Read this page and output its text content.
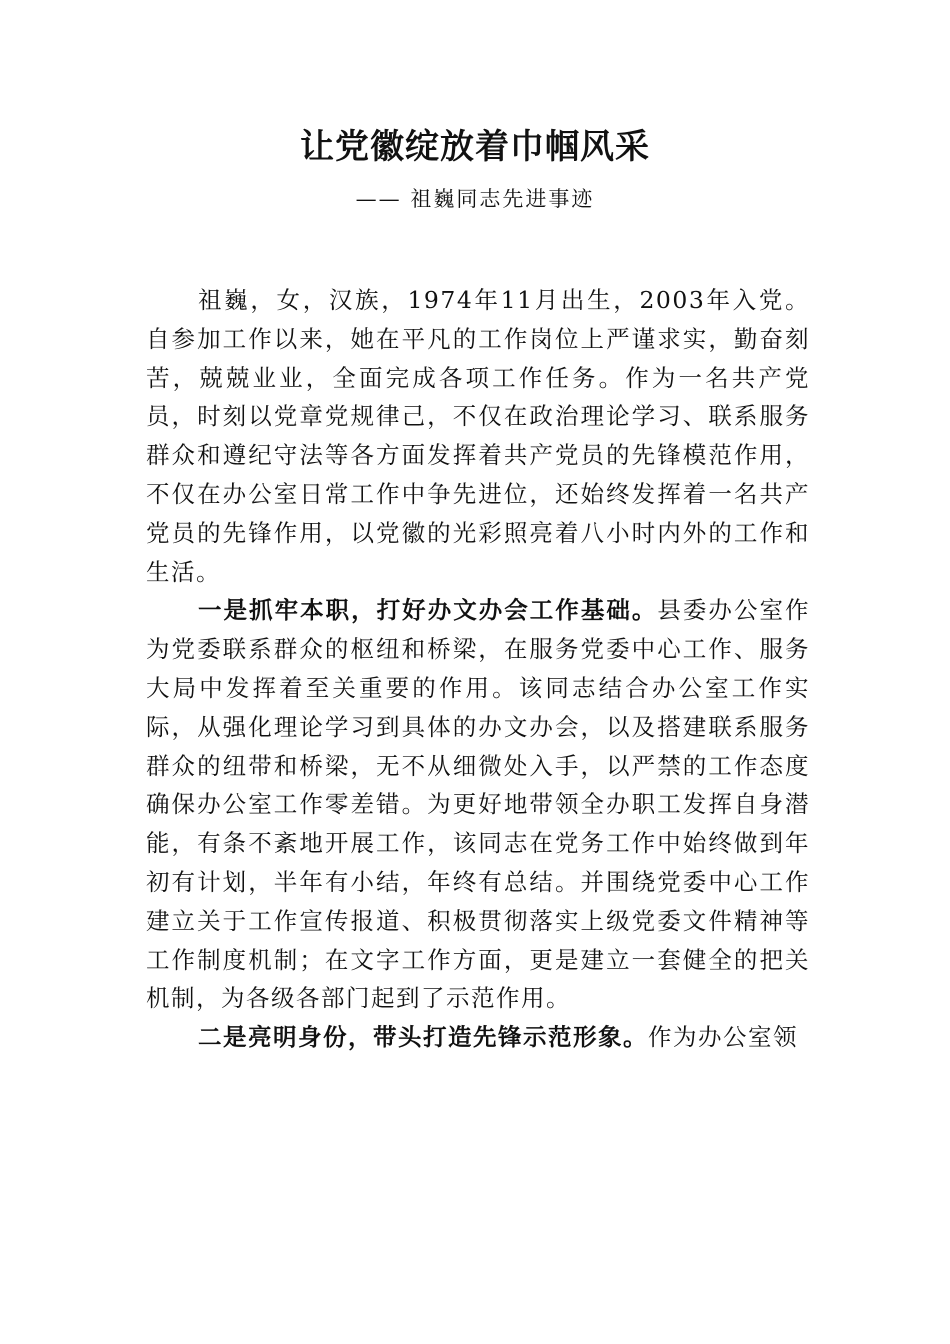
让党徽绽放着巾帼风采
—— 祖巍同志先进事迹

祖巍，女，汉族，1974年11月出生，2003年入党。自参加工作以来，她在平凡的工作岗位上严谨求实，勤奋刻苦，兢兢业业，全面完成各项工作任务。作为一名共产党员，时刻以党章党规律己，不仅在政治理论学习、联系服务群众和遵纪守法等各方面发挥着共产党员的先锋模范作用，不仅在办公室日常工作中争先进位，还始终发挥着一名共产党员的先锋作用，以党徽的光彩照亮着八小时内外的工作和生活。

一是抓牢本职，打好办文办会工作基础。县委办公室作为党委联系群众的枢纽和桥梁，在服务党委中心工作、服务大局中发挥着至关重要的作用。该同志结合办公室工作实际，从强化理论学习到具体的办文办会，以及搭建联系服务群众的纽带和桥梁，无不从细微处入手，以严禁的工作态度确保办公室工作零差错。为更好地带领全办职工发挥自身潜能，有条不紊地开展工作，该同志在党务工作中始终做到年初有计划，半年有小结，年终有总结。并围绕党委中心工作建立关于工作宣传报道、积极贯彻落实上级党委文件精神等工作制度机制；在文字工作方面，更是建立一套健全的把关机制，为各级各部门起到了示范作用。

二是亮明身份，带头打造先锋示范形象。作为办公室领
